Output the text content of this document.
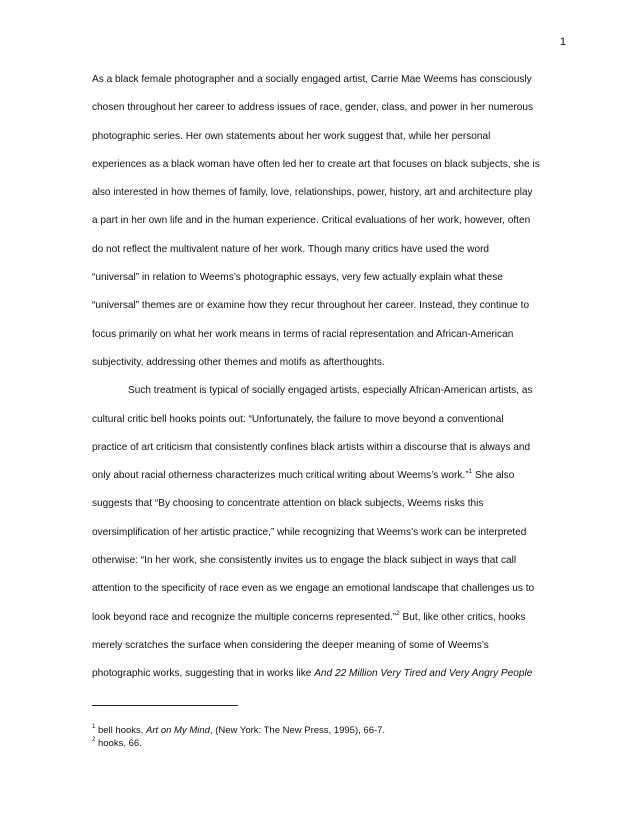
1
As a black female photographer and a socially engaged artist, Carrie Mae Weems has consciously
chosen throughout her career to address issues of race, gender, class, and power in her numerous
photographic series. Her own statements about her work suggest that, while her personal
experiences as a black woman have often led her to create art that focuses on black subjects, she is
also interested in how themes of family, love, relationships, power, history, art and architecture play
a part in her own life and in the human experience. Critical evaluations of her work, however, often
do not reflect the multivalent nature of her work. Though many critics have used the word
“universal” in relation to Weems’s photographic essays, very few actually explain what these
“universal” themes are or examine how they recur throughout her career. Instead, they continue to
focus primarily on what her work means in terms of racial representation and African-American
subjectivity, addressing other themes and motifs as afterthoughts.
Such treatment is typical of socially engaged artists, especially African-American artists, as
cultural critic bell hooks points out: “Unfortunately, the failure to move beyond a conventional
practice of art criticism that consistently confines black artists within a discourse that is always and
only about racial otherness characterizes much critical writing about Weems’s work.”$^1$ She also
suggests that “By choosing to concentrate attention on black subjects, Weems risks this
oversimplification of her artistic practice,” while recognizing that Weems’s work can be interpreted
otherwise: “In her work, she consistently invites us to engage the black subject in ways that call
attention to the specificity of race even as we engage an emotional landscape that challenges us to
look beyond race and recognize the multiple concerns represented.”$^2$ But, like other critics, hooks
merely scratches the surface when considering the deeper meaning of some of Weems’s
photographic works, suggesting that in works like And 22 Million Very Tired and Very Angry People
$^1$ bell hooks, Art on My Mind, (New York: The New Press, 1995), 66-7.
$^2$ hooks, 66.
